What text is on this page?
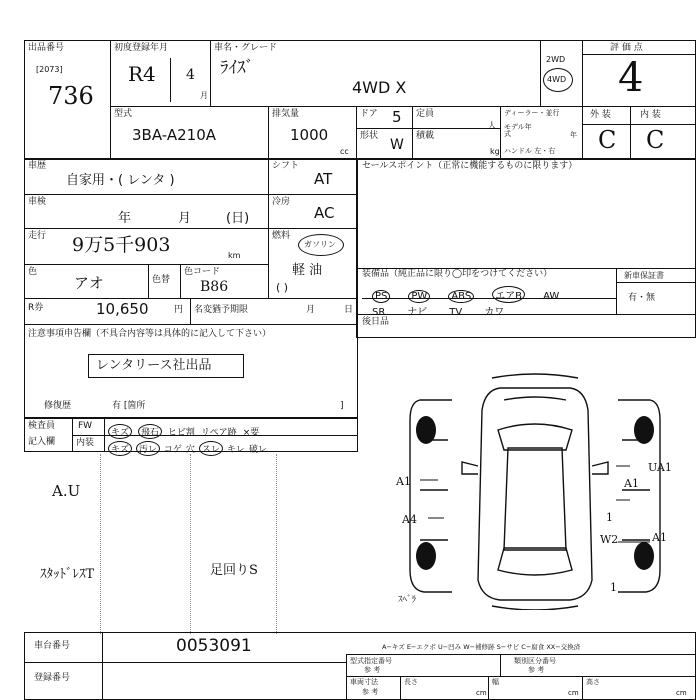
出品番号
[2073]
736
初度登録年月
R4 4
月
車名・グレード
ﾗｲｽﾞ
4WD X
2WD
4WD
評 価 点
4
型式
3BA-A210A
排気量
1000
cc
ドア 5 定員
人
形状
W
積載
kg
ディーラー・並行
モデル年式	年
ハンドル 左・右
外 装	内 装
C C
車歴
自家用・( レンタ )
シフト
AT
車検
年	月	(日)
冷房
AC
走行 9万5千903	km
燃料
ガソリン
軽 油
( )
色
アオ	色替
色コード
B86
R券	10,650	円 名変猶予期限	月	日
注意事項申告欄（不具合内容等は具体的に記入して下さい）
レンタリース社出品
修復歴	有 [箇所	]
検査員
記入欄
FW
内装
キズ 飛石 ヒビ割 リペア跡 ×要
キズ 汚レ コゲ 穴 スレ キレ 破レ
A.U
ｽﾀｯﾄﾞﾚｽT	足回りS
セールスポイント（正常に機能するものに限ります）
装備品（純正品に限り◯印をつけてください）	新車保証書
有・無
PS PW ABS エアB AW
SR ナビ TV カワ
後日品
A1	A1
A4
UA1
W2	A1
1
1
ｽﾍﾞﾗ
車台番号	0053091
登録番号
A−キズ E−エクボ U−凹み W−補修跡 S−サビ C−腐食 XX−交換済
型式指定番号
参 考
類別区分番号
参 考
車両寸法
参 考
長さ
cm
幅
cm
高さ
cm
